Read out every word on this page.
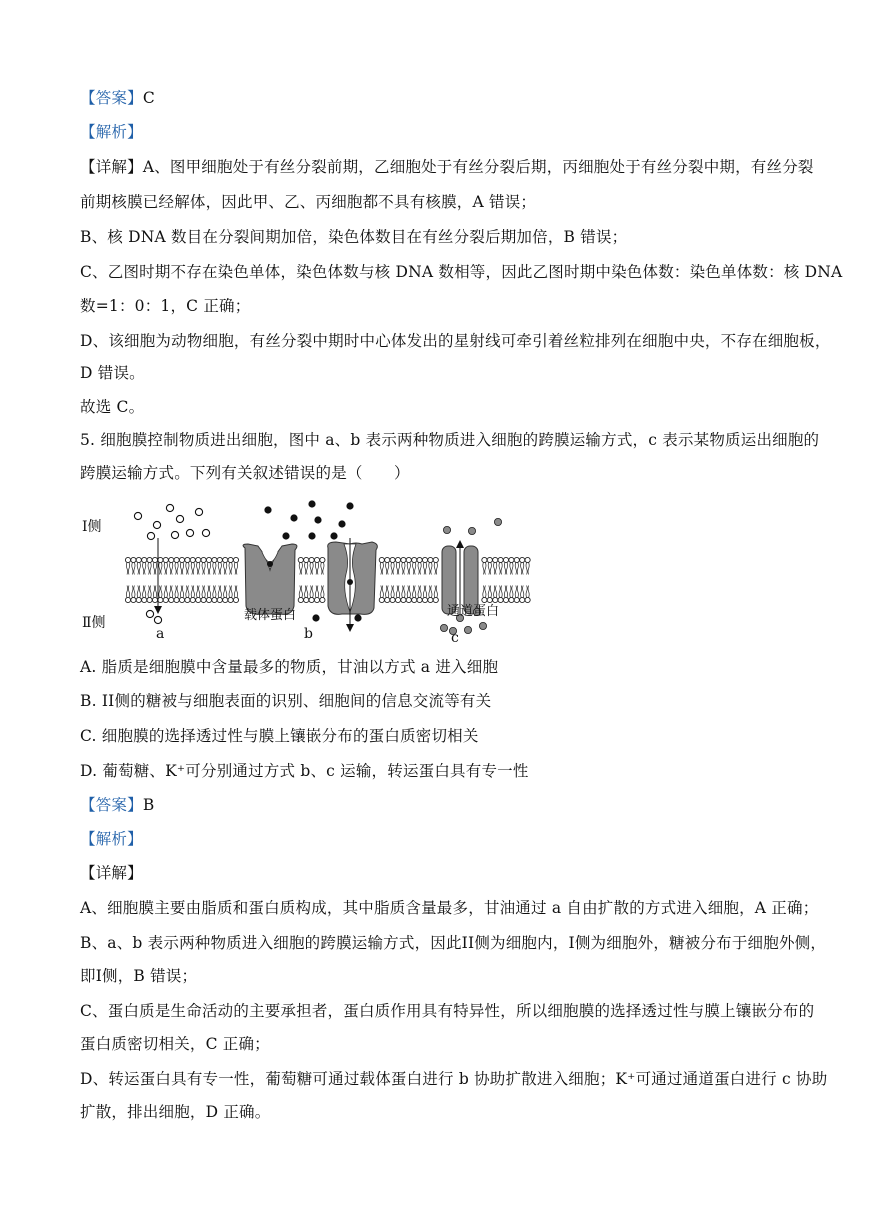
【答案】C
【解析】
【详解】A、图甲细胞处于有丝分裂前期，乙细胞处于有丝分裂后期，丙细胞处于有丝分裂中期，有丝分裂
前期核膜已经解体，因此甲、乙、丙细胞都不具有核膜，A 错误；
B、核 DNA 数目在分裂间期加倍，染色体数目在有丝分裂后期加倍，B 错误；
C、乙图时期不存在染色单体，染色体数与核 DNA 数相等，因此乙图时期中染色体数：染色单体数：核 DNA
数=1：0：1，C 正确；
D、该细胞为动物细胞，有丝分裂中期时中心体发出的星射线可牵引着丝粒排列在细胞中央，不存在细胞板，
D 错误。
故选 C。
5. 细胞膜控制物质进出细胞，图中 a、b 表示两种物质进入细胞的跨膜运输方式，c 表示某物质运出细胞的
跨膜运输方式。下列有关叙述错误的是（　　）
Ⅰ侧
Ⅱ侧	载体蛋白	通道蛋白
a	b	c
A. 脂质是细胞膜中含量最多的物质，甘油以方式 a 进入细胞
B. II侧的糖被与细胞表面的识别、细胞间的信息交流等有关
C. 细胞膜的选择透过性与膜上镶嵌分布的蛋白质密切相关
D. 葡萄糖、K⁺可分别通过方式 b、c 运输，转运蛋白具有专一性
【答案】B
【解析】
【详解】
A、细胞膜主要由脂质和蛋白质构成，其中脂质含量最多，甘油通过 a 自由扩散的方式进入细胞，A 正确；
B、a、b 表示两种物质进入细胞的跨膜运输方式，因此II侧为细胞内，I侧为细胞外，糖被分布于细胞外侧，
即I侧，B 错误；
C、蛋白质是生命活动的主要承担者，蛋白质作用具有特异性，所以细胞膜的选择透过性与膜上镶嵌分布的
蛋白质密切相关，C 正确；
D、转运蛋白具有专一性，葡萄糖可通过载体蛋白进行 b 协助扩散进入细胞；K⁺可通过通道蛋白进行 c 协助
扩散，排出细胞，D 正确。
